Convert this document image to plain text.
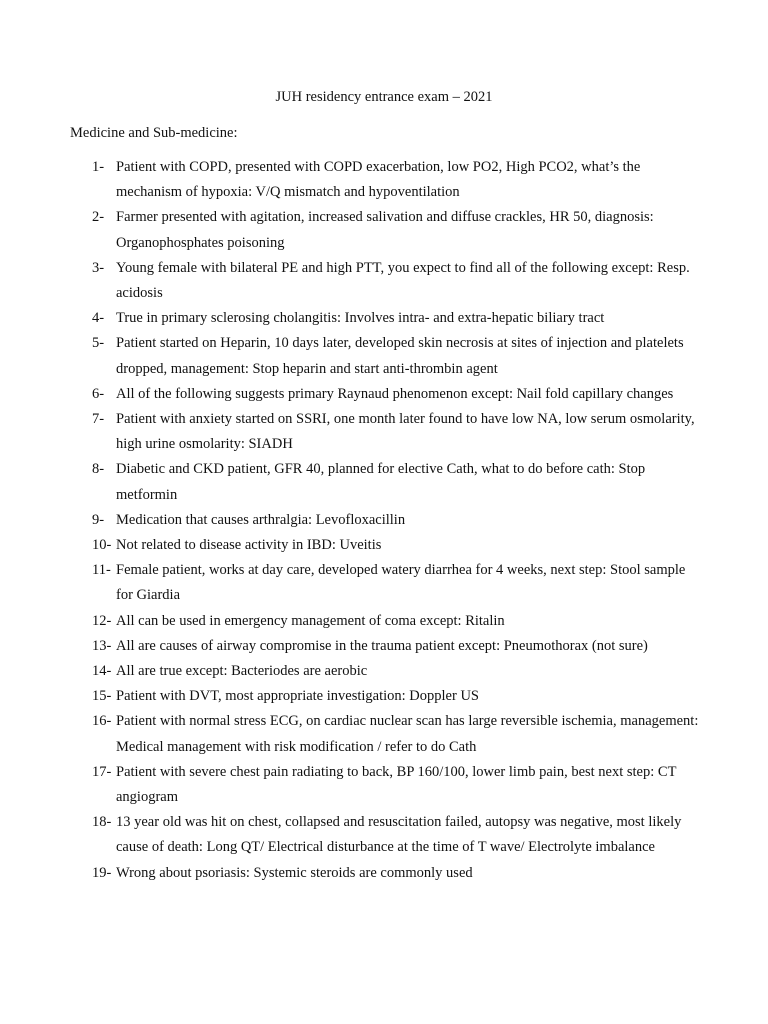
JUH residency entrance exam – 2021
Medicine and Sub-medicine:
1- Patient with COPD, presented with COPD exacerbation, low PO2, High PCO2, what’s the mechanism of hypoxia: V/Q mismatch and hypoventilation
2- Farmer presented with agitation, increased salivation and diffuse crackles, HR 50, diagnosis: Organophosphates poisoning
3- Young female with bilateral PE and high PTT, you expect to find all of the following except: Resp. acidosis
4- True in primary sclerosing cholangitis: Involves intra- and extra-hepatic biliary tract
5- Patient started on Heparin, 10 days later, developed skin necrosis at sites of injection and platelets dropped, management: Stop heparin and start anti-thrombin agent
6- All of the following suggests primary Raynaud phenomenon except: Nail fold capillary changes
7- Patient with anxiety started on SSRI, one month later found to have low NA, low serum osmolarity, high urine osmolarity: SIADH
8- Diabetic and CKD patient, GFR 40, planned for elective Cath, what to do before cath: Stop metformin
9- Medication that causes arthralgia: Levofloxacillin
10- Not related to disease activity in IBD: Uveitis
11- Female patient, works at day care, developed watery diarrhea for 4 weeks, next step: Stool sample for Giardia
12- All can be used in emergency management of coma except: Ritalin
13- All are causes of airway compromise in the trauma patient except: Pneumothorax (not sure)
14- All are true except: Bacteriodes are aerobic
15- Patient with DVT, most appropriate investigation: Doppler US
16- Patient with normal stress ECG, on cardiac nuclear scan has large reversible ischemia, management: Medical management with risk modification / refer to do Cath
17- Patient with severe chest pain radiating to back, BP 160/100, lower limb pain, best next step: CT angiogram
18- 13 year old was hit on chest, collapsed and resuscitation failed, autopsy was negative, most likely cause of death: Long QT/ Electrical disturbance at the time of T wave/ Electrolyte imbalance
19- Wrong about psoriasis: Systemic steroids are commonly used
